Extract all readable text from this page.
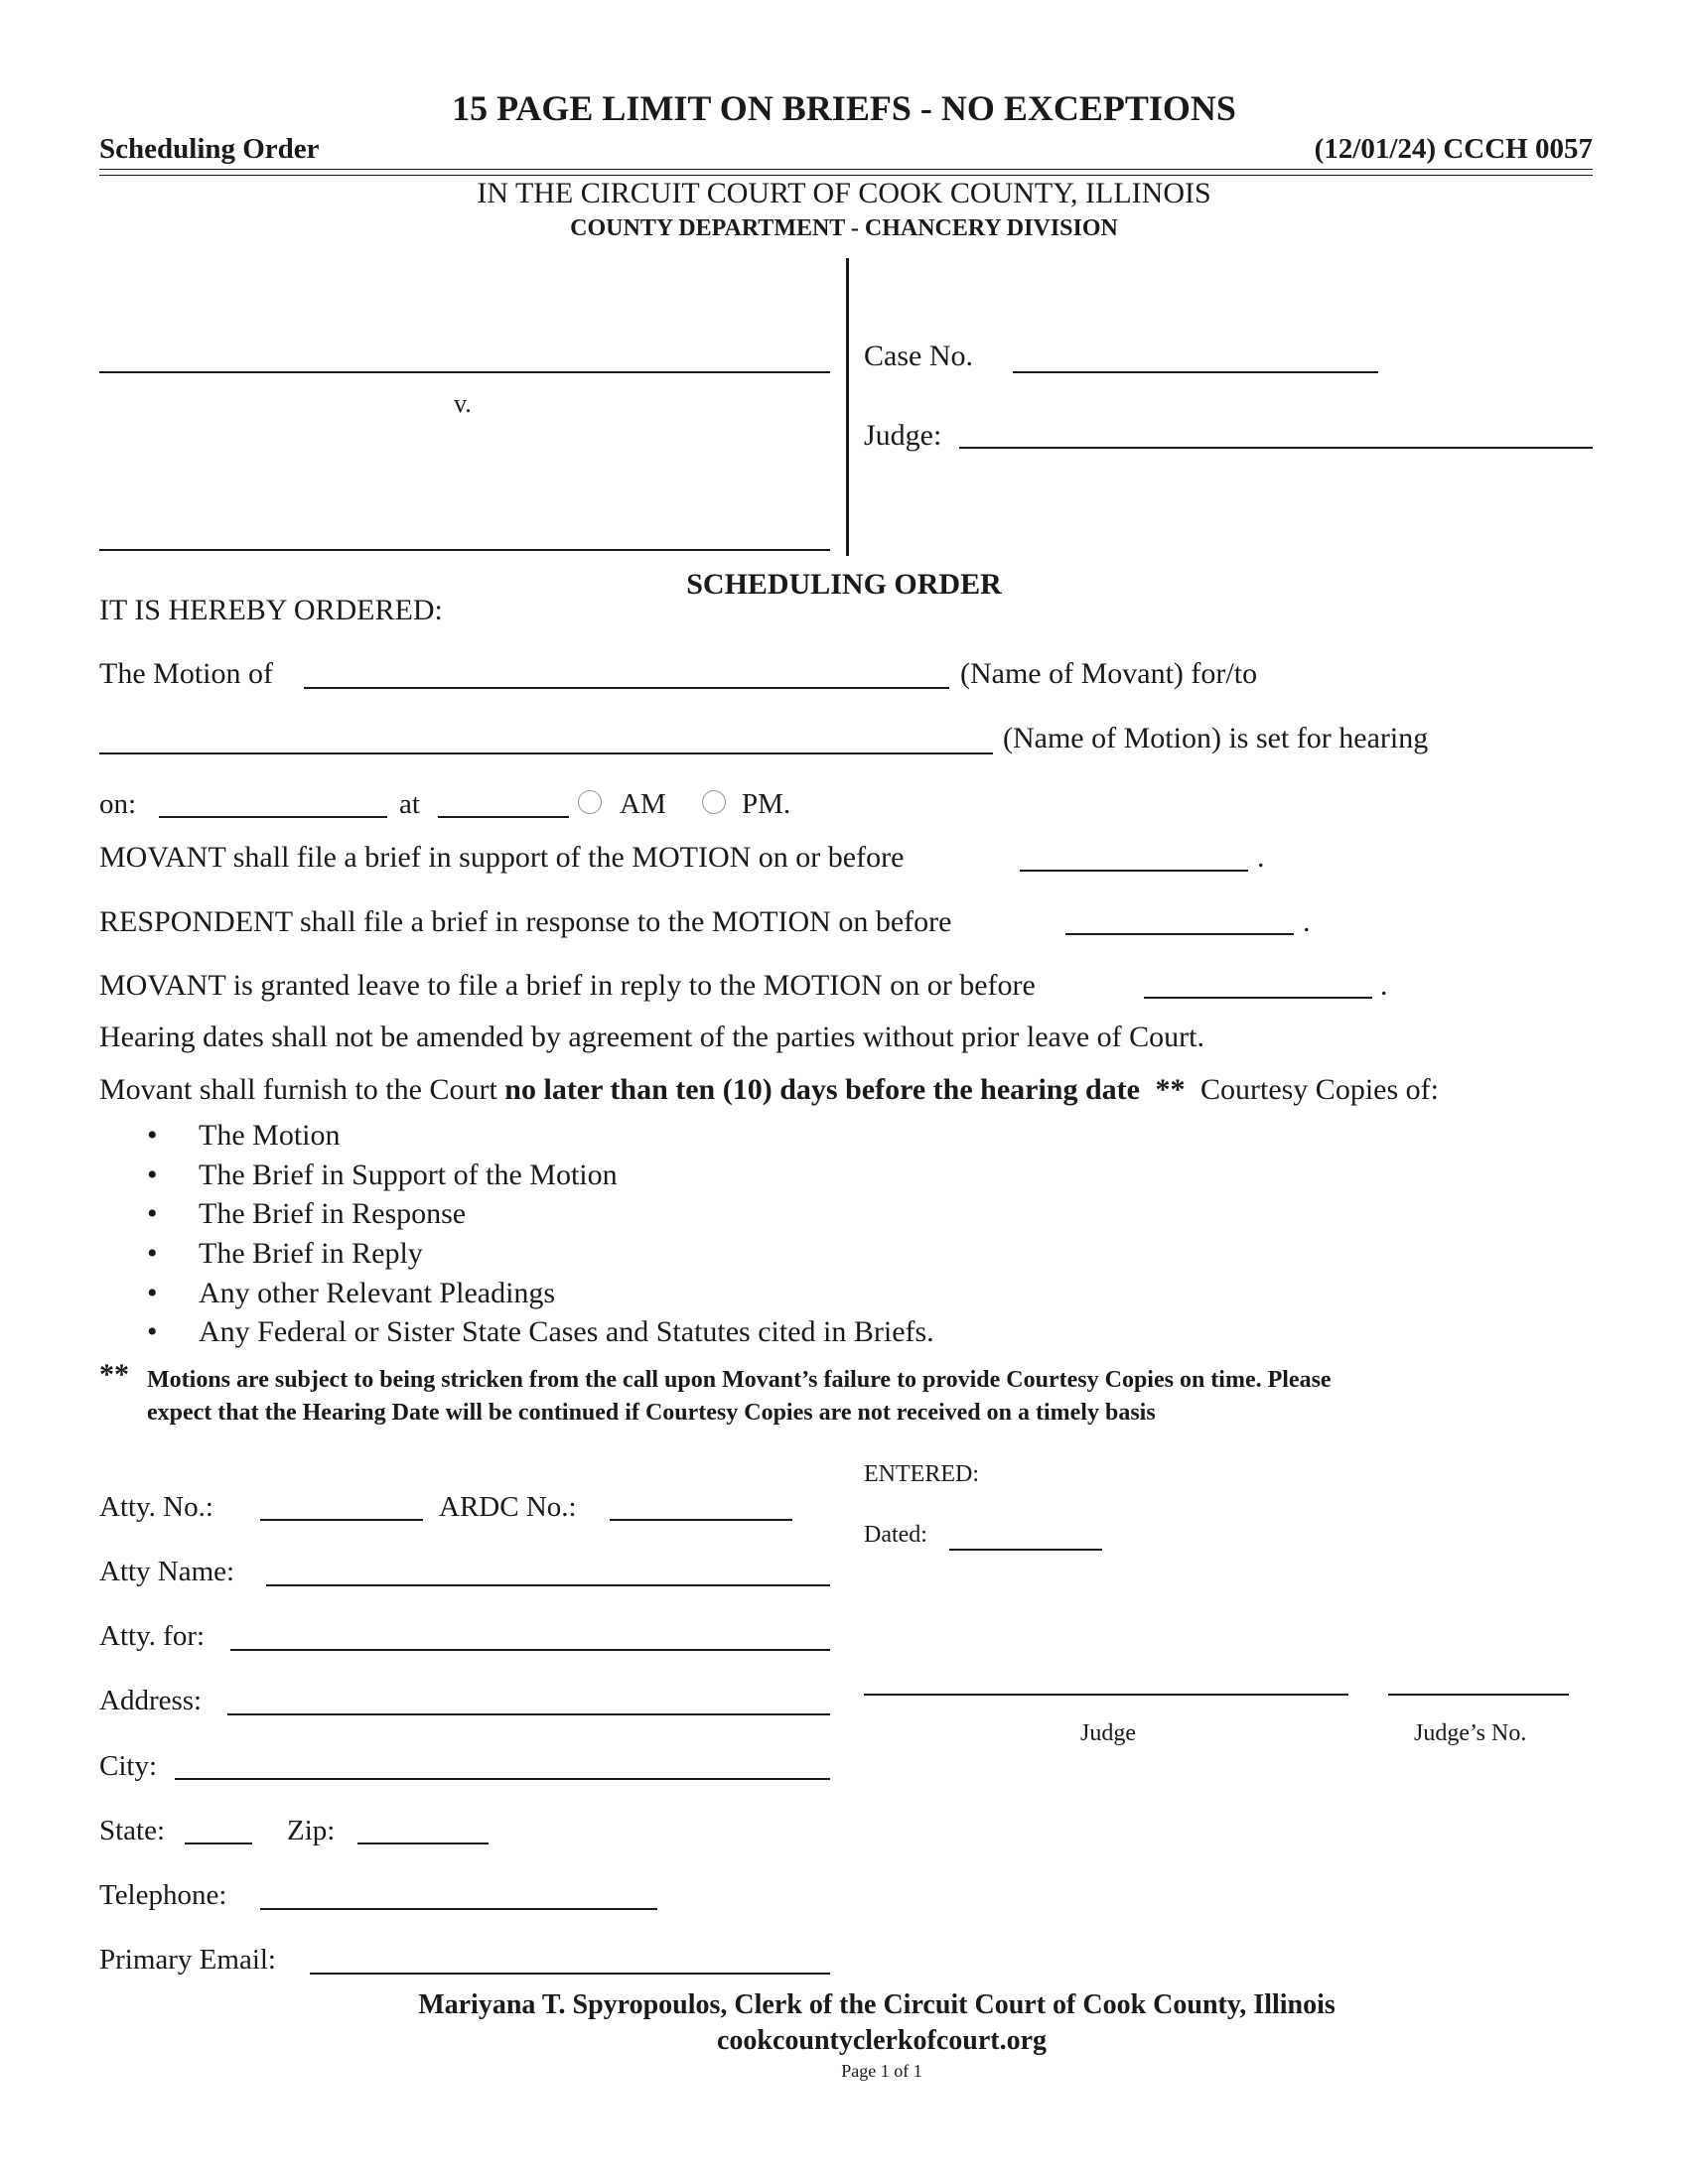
15 PAGE LIMIT ON BRIEFS - NO EXCEPTIONS
Scheduling Order	(12/01/24) CCCH 0057
IN THE CIRCUIT COURT OF COOK COUNTY, ILLINOIS
COUNTY DEPARTMENT - CHANCERY DIVISION
v.
Case No.
Judge:
SCHEDULING ORDER
IT IS HEREBY ORDERED:
The Motion of	(Name of Movant) for/to
(Name of Motion) is set for hearing
on:	at	AM	PM.
MOVANT shall file a brief in support of the MOTION on or before	.
RESPONDENT shall file a brief in response to the MOTION on before	.
MOVANT is granted leave to file a brief in reply to the MOTION on or before	.
Hearing dates shall not be amended by agreement of the parties without prior leave of Court.
Movant shall furnish to the Court no later than ten (10) days before the hearing date ** Courtesy Copies of:
• The Motion
• The Brief in Support of the Motion
• The Brief in Response
• The Brief in Reply
• Any other Relevant Pleadings
• Any Federal or Sister State Cases and Statutes cited in Briefs.
** Motions are subject to being stricken from the call upon Movant’s failure to provide Courtesy Copies on time. Please
expect that the Hearing Date will be continued if Courtesy Copies are not received on a timely basis
Atty. No.:	ARDC No.:
Atty Name:
Atty. for:
Address:
City:
State:	Zip:
Telephone:
Primary Email:
ENTERED:
Dated:
Judge	Judge’s No.
Mariyana T. Spyropoulos, Clerk of the Circuit Court of Cook County, Illinois
cookcountyclerkofcourt.org
Page 1 of 1
